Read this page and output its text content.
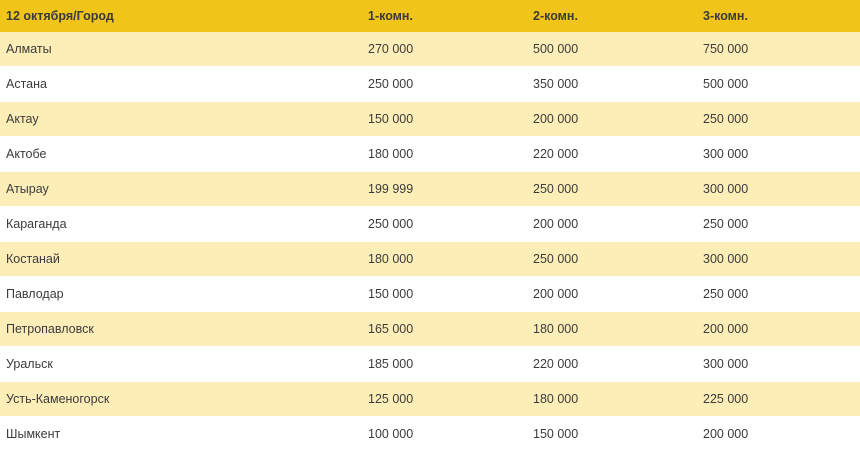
12 октября/Город	1-комн.	2-комн.	3-комн.
Алматы	270 000	500 000	750 000
Астана	250 000	350 000	500 000
Актау	150 000	200 000	250 000
Актобе	180 000	220 000	300 000
Атырау	199 999	250 000	300 000
Караганда	250 000	200 000	250 000
Костанай	180 000	250 000	300 000
Павлодар	150 000	200 000	250 000
Петропавловск	165 000	180 000	200 000
Уральск	185 000	220 000	300 000
Усть-Каменогорск	125 000	180 000	225 000
Шымкент	100 000	150 000	200 000
